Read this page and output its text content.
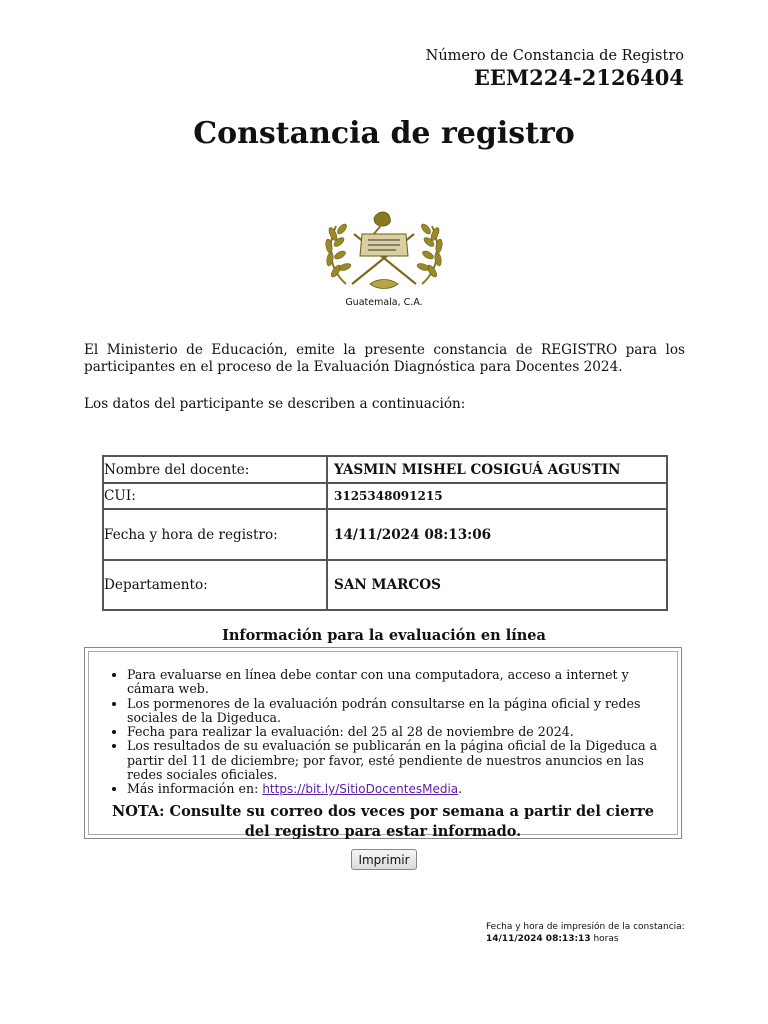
Número de Constancia de Registro
EEM224-2126404
Constancia de registro
Guatemala, C.A.

El Ministerio de Educación, emite la presente constancia de REGISTRO para los participantes en el proceso de la Evaluación Diagnóstica para Docentes 2024.

Los datos del participante se describen a continuación:

Nombre del docente:	YASMIN MISHEL COSIGUÁ AGUSTIN
CUI:	3125348091215
Fecha y hora de registro:	14/11/2024 08:13:06
Departamento:	SAN MARCOS
Información para la evaluación en línea
• Para evaluarse en línea debe contar con una computadora, acceso a internet y cámara web.
• Los pormenores de la evaluación podrán consultarse en la página oficial y redes sociales de la Digeduca.
• Fecha para realizar la evaluación: del 25 al 28 de noviembre de 2024.
• Los resultados de su evaluación se publicarán en la página oficial de la Digeduca a partir del 11 de diciembre; por favor, esté pendiente de nuestros anuncios en las redes sociales oficiales.
• Más información en: https://bit.ly/SitioDocentesMedia.
NOTA: Consulte su correo dos veces por semana a partir del cierre del registro para estar informado.
Imprimir
Fecha y hora de impresión de la constancia:
14/11/2024 08:13:13 horas
